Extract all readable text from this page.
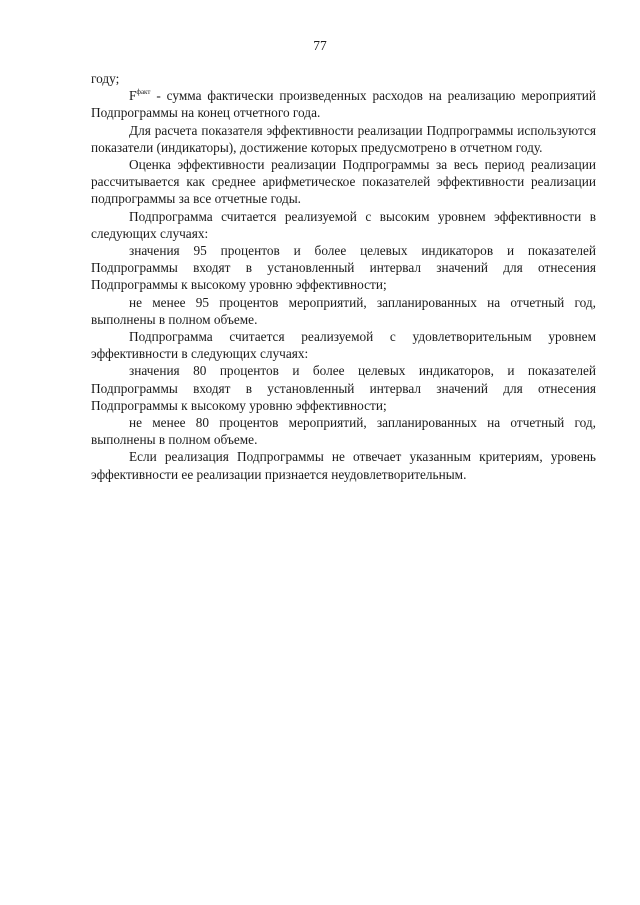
77

году;

$F^{факт}$ - сумма фактически произведенных расходов на реализацию мероприятий Подпрограммы на конец отчетного года.

Для расчета показателя эффективности реализации Подпрограммы используются показатели (индикаторы), достижение которых предусмотрено в отчетном году.

Оценка эффективности реализации Подпрограммы за весь период реализации рассчитывается как среднее арифметическое показателей эффективности реализации подпрограммы за все отчетные годы.

Подпрограмма считается реализуемой с высоким уровнем эффективности в следующих случаях:

значения 95 процентов и более целевых индикаторов и показателей Подпрограммы входят в установленный интервал значений для отнесения Подпрограммы к высокому уровню эффективности;

не менее 95 процентов мероприятий, запланированных на отчетный год, выполнены в полном объеме.

Подпрограмма считается реализуемой с удовлетворительным уровнем эффективности в следующих случаях:

значения 80 процентов и более целевых индикаторов, и показателей Подпрограммы входят в установленный интервал значений для отнесения Подпрограммы к высокому уровню эффективности;

не менее 80 процентов мероприятий, запланированных на отчетный год, выполнены в полном объеме.

Если реализация Подпрограммы не отвечает указанным критериям, уровень эффективности ее реализации признается неудовлетворительным.
